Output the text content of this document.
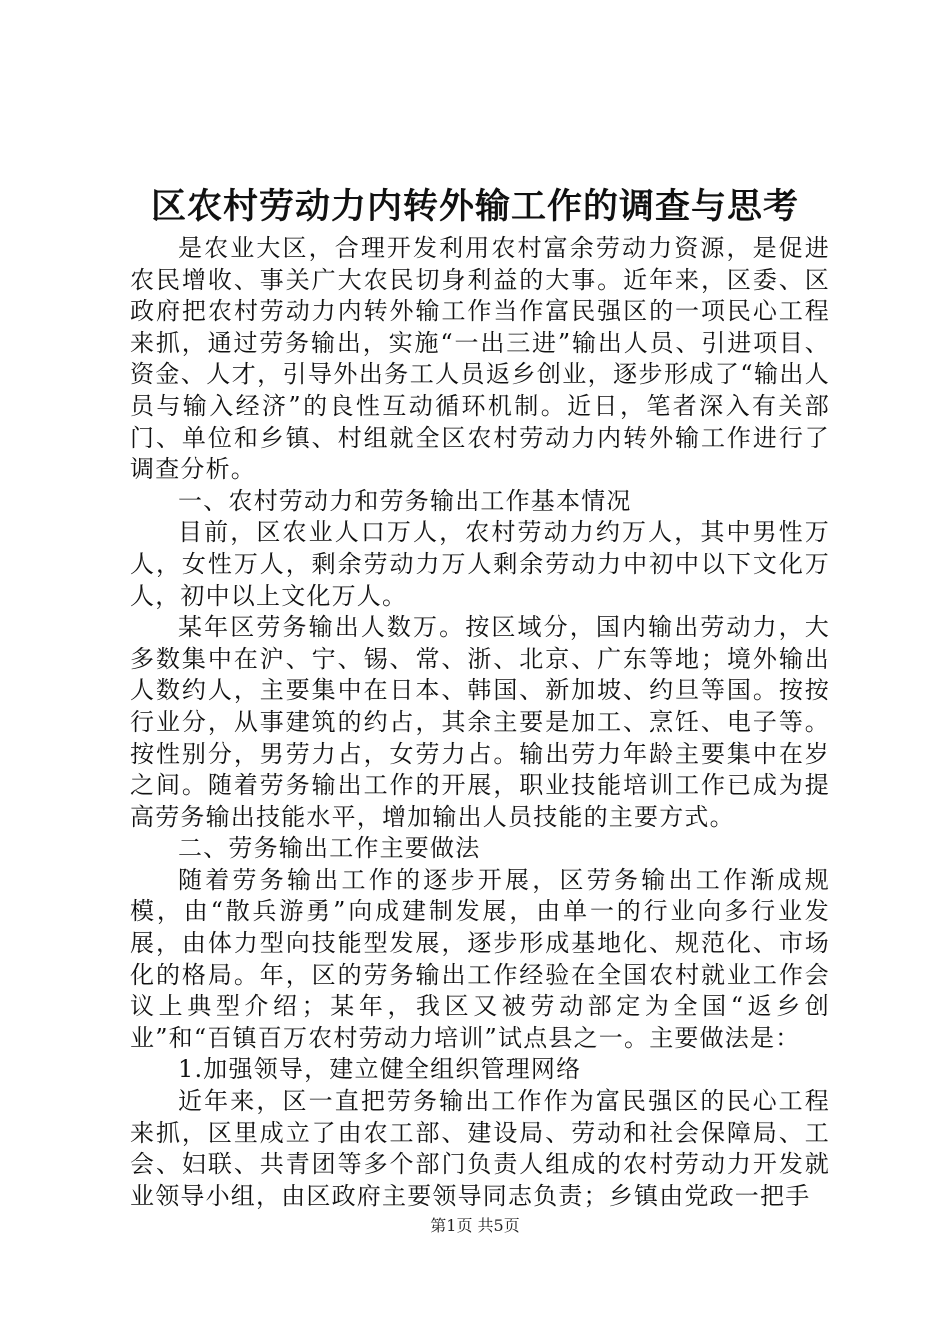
区农村劳动力内转外输工作的调查与思考

是农业大区，合理开发利用农村富余劳动力资源，是促进农民增收、事关广大农民切身利益的大事。近年来，区委、区政府把农村劳动力内转外输工作当作富民强区的一项民心工程来抓，通过劳务输出，实施“一出三进”输出人员、引进项目、资金、人才，引导外出务工人员返乡创业，逐步形成了“输出人员与输入经济”的良性互动循环机制。近日，笔者深入有关部门、单位和乡镇、村组就全区农村劳动力内转外输工作进行了调查分析。

一、农村劳动力和劳务输出工作基本情况

目前，区农业人口万人，农村劳动力约万人，其中男性万人，女性万人，剩余劳动力万人剩余劳动力中初中以下文化万人，初中以上文化万人。

某年区劳务输出人数万。按区域分，国内输出劳动力，大多数集中在沪、宁、锡、常、浙、北京、广东等地；境外输出人数约人，主要集中在日本、韩国、新加坡、约旦等国。按按行业分，从事建筑的约占，其余主要是加工、烹饪、电子等。按性别分，男劳力占，女劳力占。输出劳力年龄主要集中在岁之间。随着劳务输出工作的开展，职业技能培训工作已成为提高劳务输出技能水平，增加输出人员技能的主要方式。

二、劳务输出工作主要做法

随着劳务输出工作的逐步开展，区劳务输出工作渐成规模，由“散兵游勇”向成建制发展，由单一的行业向多行业发展，由体力型向技能型发展，逐步形成基地化、规范化、市场化的格局。年，区的劳务输出工作经验在全国农村就业工作会议上典型介绍；某年，我区又被劳动部定为全国“返乡创业”和“百镇百万农村劳动力培训”试点县之一。主要做法是：

1.加强领导，建立健全组织管理网络

近年来，区一直把劳务输出工作作为富民强区的民心工程来抓，区里成立了由农工部、建设局、劳动和社会保障局、工会、妇联、共青团等多个部门负责人组成的农村劳动力开发就业领导小组，由区政府主要领导同志负责；乡镇由党政一把手

第1页 共5页
